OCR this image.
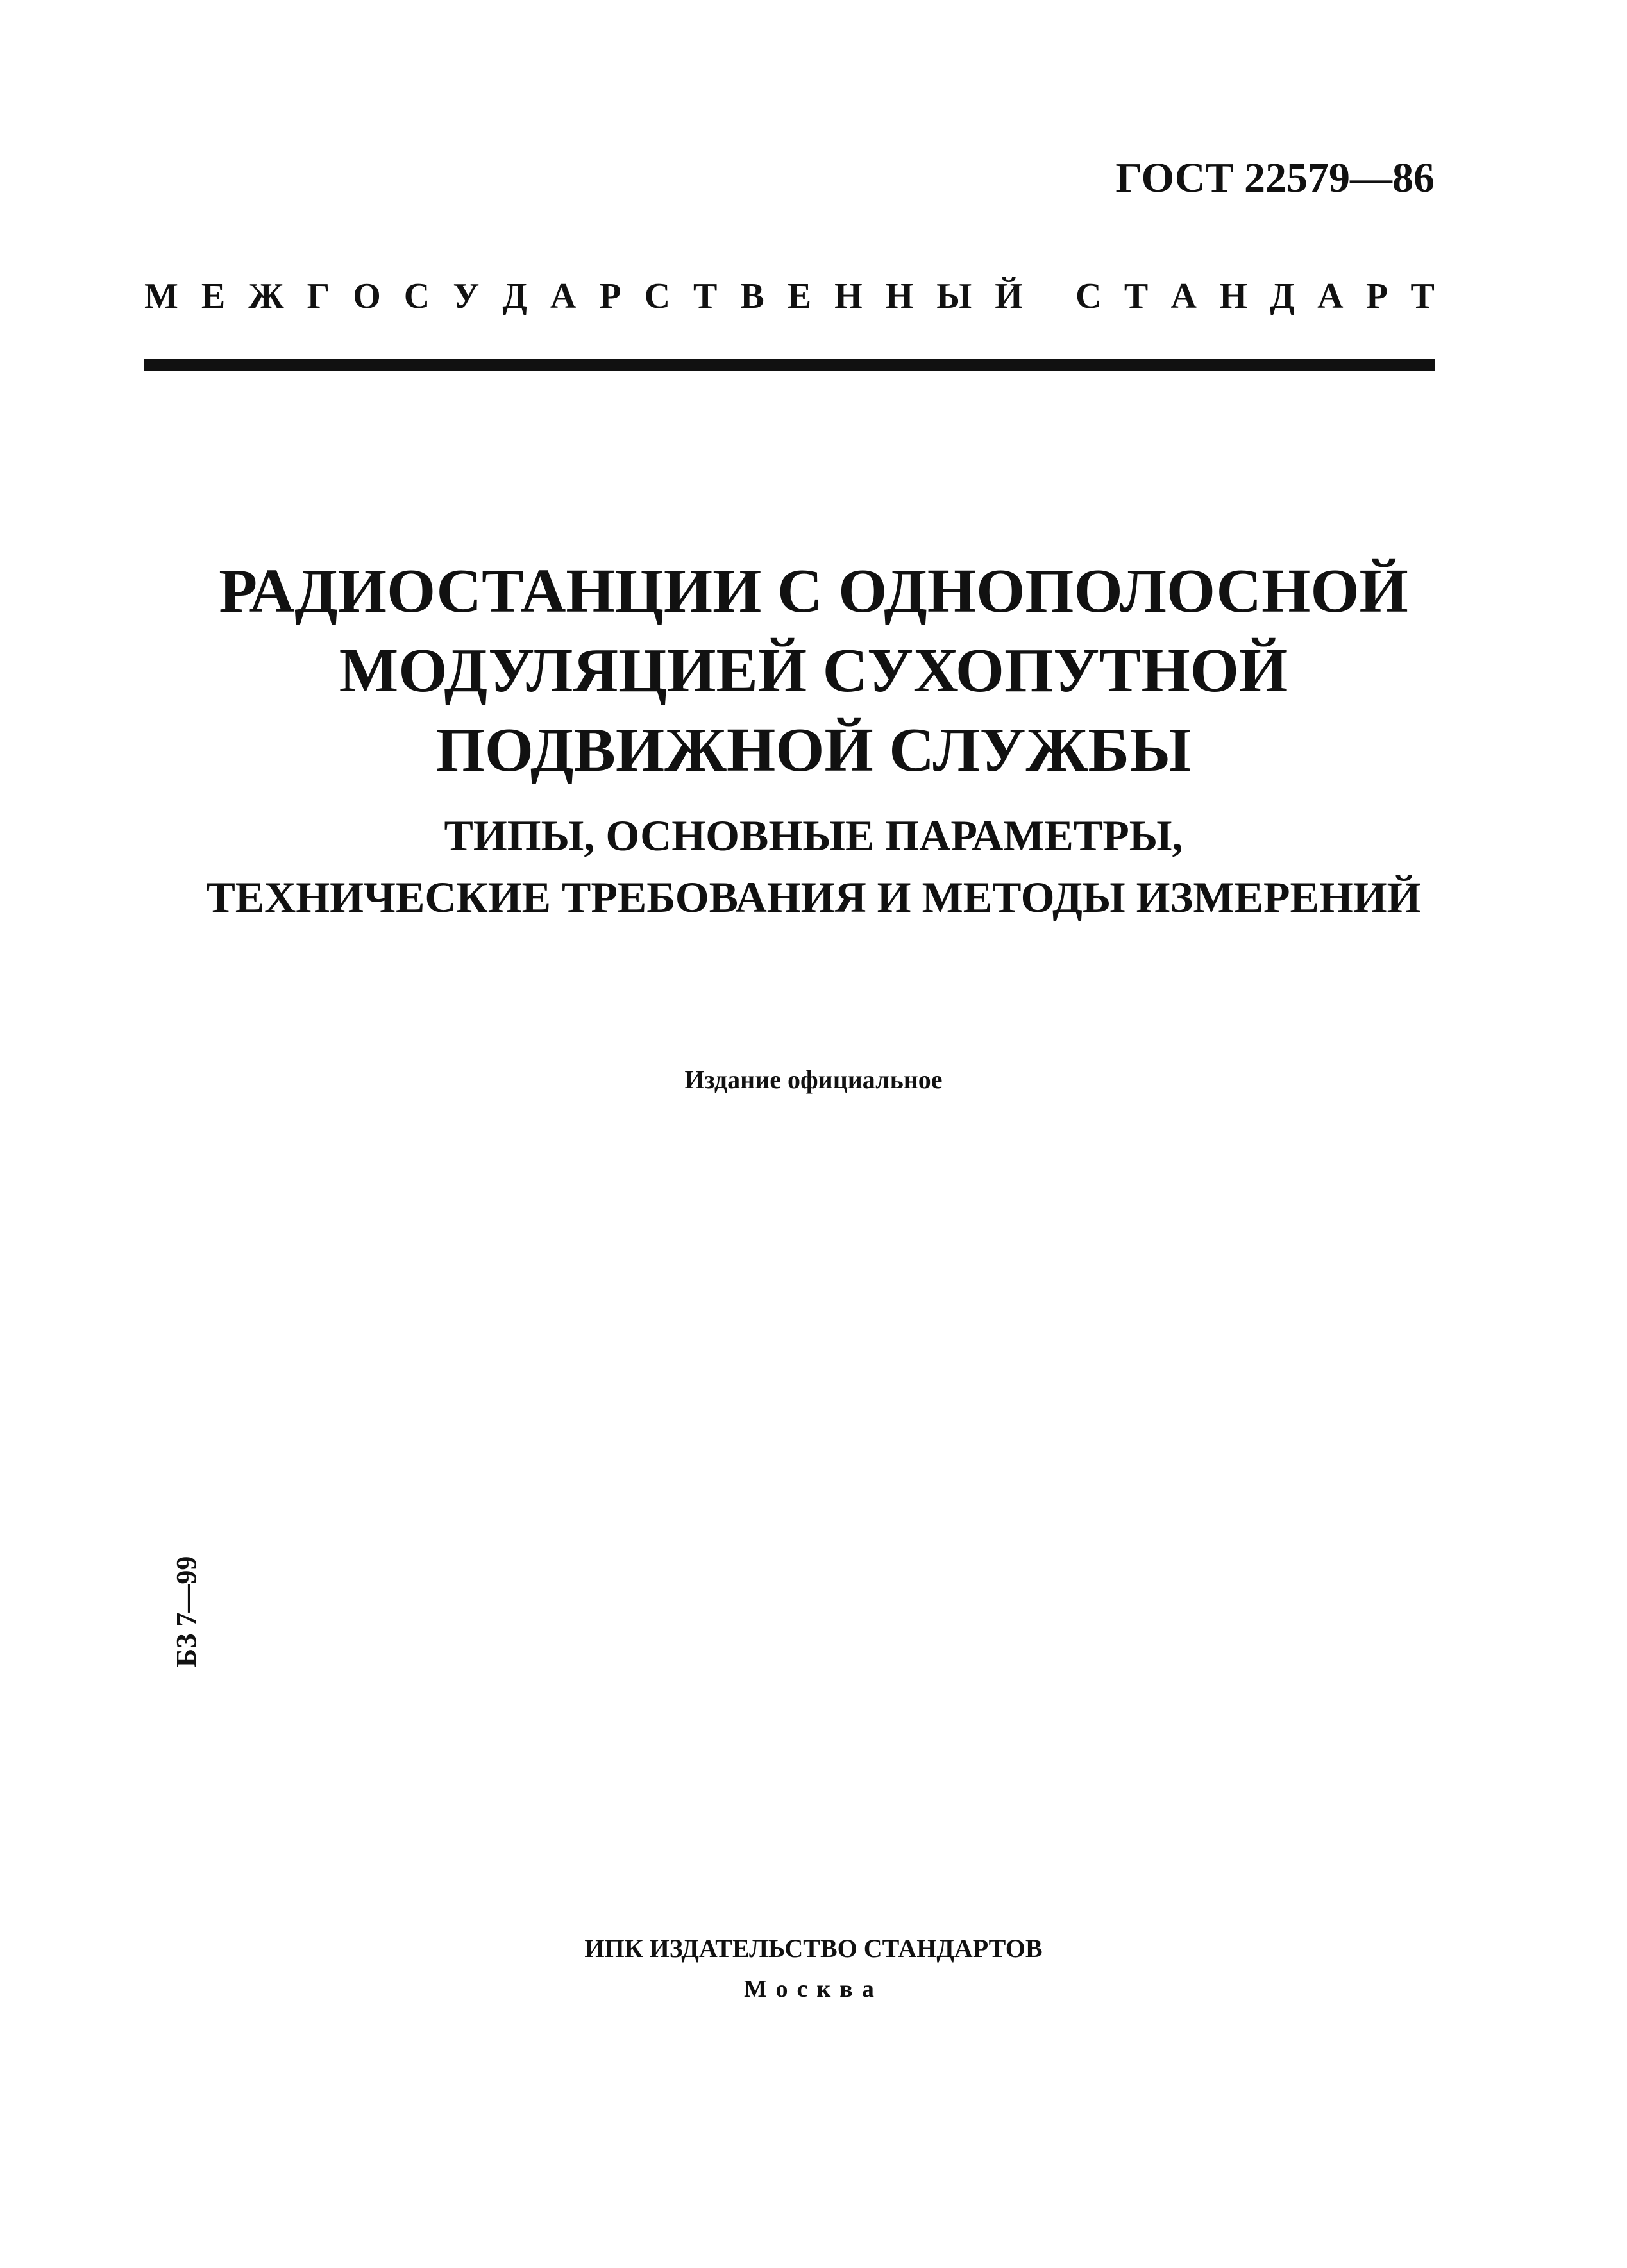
ГОСТ 22579—86
М Е Ж Г О С У Д А Р С Т В Е Н Н Ы Й С Т А Н Д А Р Т
РАДИОСТАНЦИИ С ОДНОПОЛОСНОЙ
МОДУЛЯЦИЕЙ СУХОПУТНОЙ
ПОДВИЖНОЙ СЛУЖБЫ
ТИПЫ, ОСНОВНЫЕ ПАРАМЕТРЫ,
ТЕХНИЧЕСКИЕ ТРЕБОВАНИЯ И МЕТОДЫ ИЗМЕРЕНИЙ
Издание официальное
БЗ 7—99
ИПК ИЗДАТЕЛЬСТВО СТАНДАРТОВ
Москва
